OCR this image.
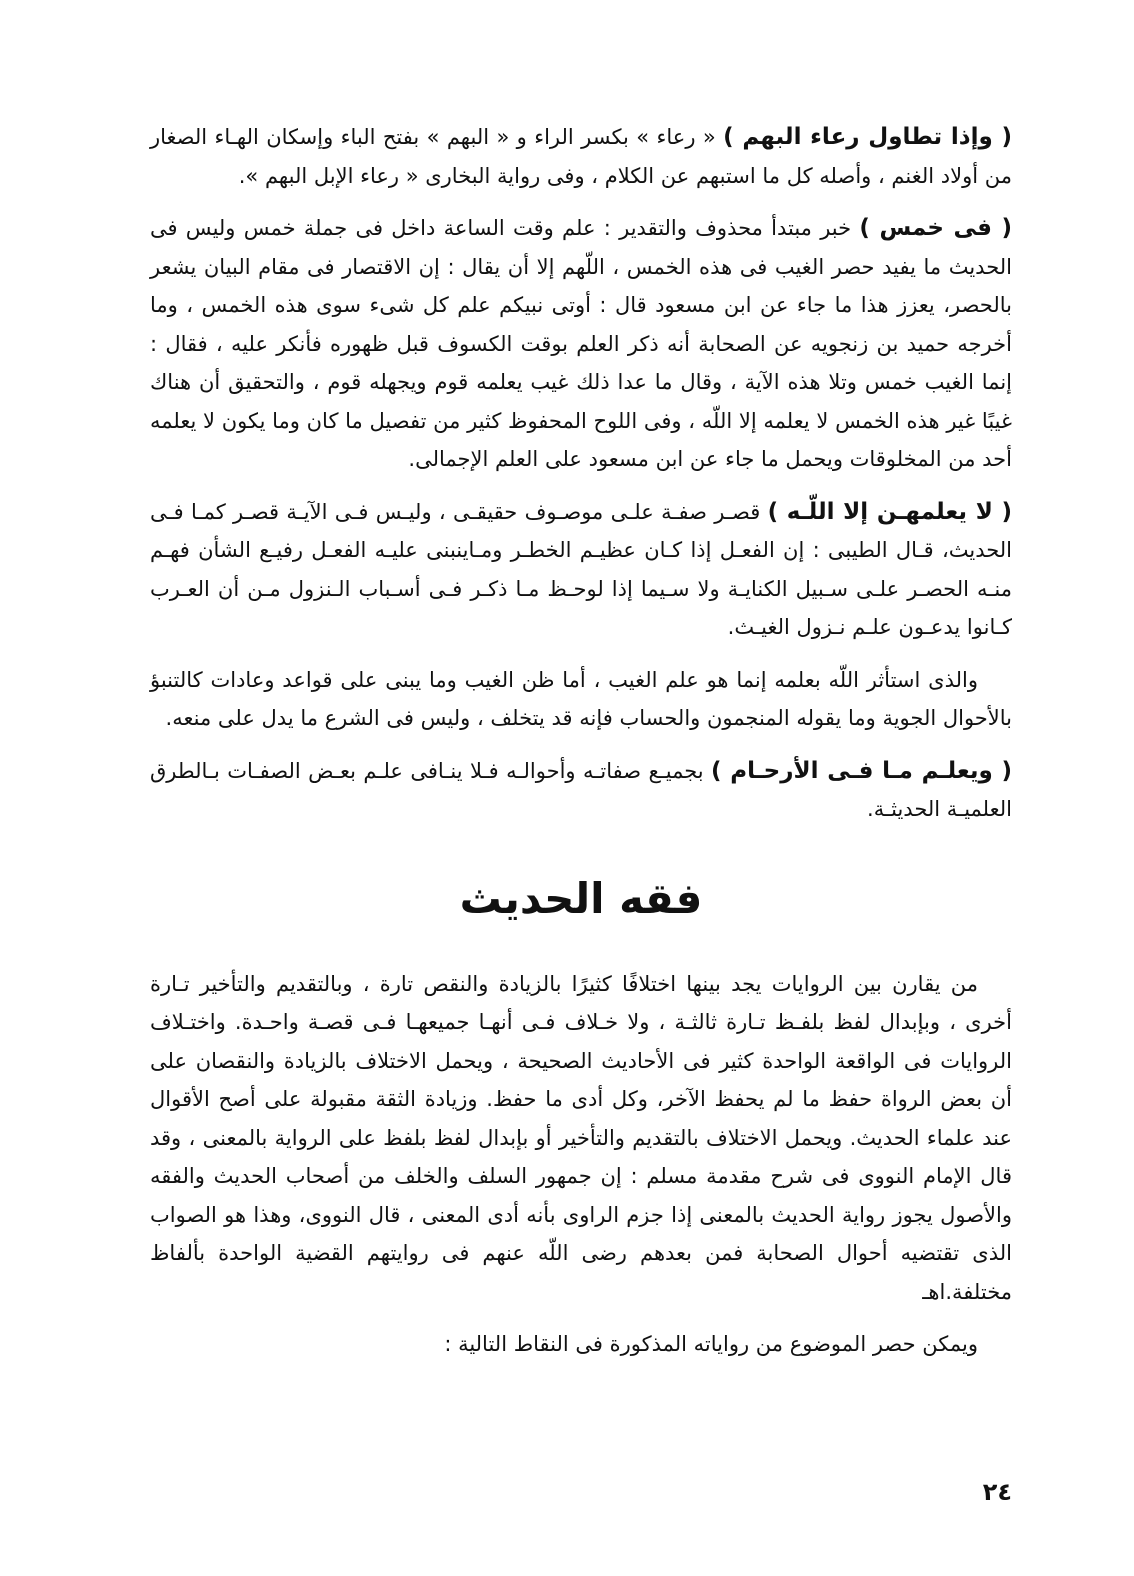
( وإذا تطاول رعاء البهم ) « رعاء » بكسر الراء و « البهم » بفتح الباء وإسكان الهـاء الصغار من أولاد الغنم ، وأصله كل ما استبهم عن الكلام ، وفى رواية البخارى « رعاء الإبل البهم ».

( فى خمس ) خبر مبتدأ محذوف والتقدير : علم وقت الساعة داخل فى جملة خمس وليس فى الحديث ما يفيد حصر الغيب فى هذه الخمس ، اللّهم إلا أن يقال : إن الاقتصار فى مقام البيان يشعر بالحصر، يعزز هذا ما جاء عن ابن مسعود قال : أوتى نبيكم علم كل شىء سوى هذه الخمس ، وما أخرجه حميد بن زنجويه عن الصحابة أنه ذكر العلم بوقت الكسوف قبل ظهوره فأنكر عليه ، فقال : إنما الغيب خمس وتلا هذه الآية ، وقال ما عدا ذلك غيب يعلمه قوم ويجهله قوم ، والتحقيق أن هناك غيبًا غير هذه الخمس لا يعلمه إلا اللّه ، وفى اللوح المحفوظ كثير من تفصيل ما كان وما يكون لا يعلمه أحد من المخلوقات ويحمل ما جاء عن ابن مسعود على العلم الإجمالى.

( لا يعلمهـن إلا اللّـه ) قصـر صفـة علـى موصـوف حقيقـى ، وليـس فـى الآيـة قصـر كمـا فـى الحديث، قـال الطيبى : إن الفعـل إذا كـان عظيـم الخطـر ومـاينبنى عليـه الفعـل رفيـع الشأن فهـم منـه الحصـر علـى سـبيل الكنايـة ولا سـيما إذا لوحـظ مـا ذكـر فـى أسـباب الـنزول مـن أن العـرب كـانوا يدعـون علـم نـزول الغيـث.

والذى استأثر اللّه بعلمه إنما هو علم الغيب ، أما ظن الغيب وما يبنى على قواعد وعادات كالتنبؤ بالأحوال الجوية وما يقوله المنجمون والحساب فإنه قد يتخلف ، وليس فى الشرع ما يدل على منعه.

( ويعلـم مـا فـى الأرحـام ) بجميـع صفاتـه وأحوالـه فـلا ينـافى علـم بعـض الصفـات بـالطرق العلميـة الحديثـة.

فقه الحديث

من يقارن بين الروايات يجد بينها اختلافًا كثيرًا بالزيادة والنقص تارة ، وبالتقديم والتأخير تـارة أخرى ، وبإبدال لفظ بلفـظ تـارة ثالثـة ، ولا خـلاف فـى أنهـا جميعهـا فـى قصـة واحـدة. واختـلاف الروايات فى الواقعة الواحدة كثير فى الأحاديث الصحيحة ، ويحمل الاختلاف بالزيادة والنقصان على أن بعض الرواة حفظ ما لم يحفظ الآخر، وكل أدى ما حفظ. وزيادة الثقة مقبولة على أصح الأقوال عند علماء الحديث. ويحمل الاختلاف بالتقديم والتأخير أو بإبدال لفظ بلفظ على الرواية بالمعنى ، وقد قال الإمام النووى فى شرح مقدمة مسلم : إن جمهور السلف والخلف من أصحاب الحديث والفقه والأصول يجوز رواية الحديث بالمعنى إذا جزم الراوى بأنه أدى المعنى ، قال النووى، وهذا هو الصواب الذى تقتضيه أحوال الصحابة فمن بعدهم رضى اللّه عنهم فى روايتهم القضية الواحدة بألفاظ مختلفة.اهـ

ويمكن حصر الموضوع من رواياته المذكورة فى النقاط التالية :

٢٤
